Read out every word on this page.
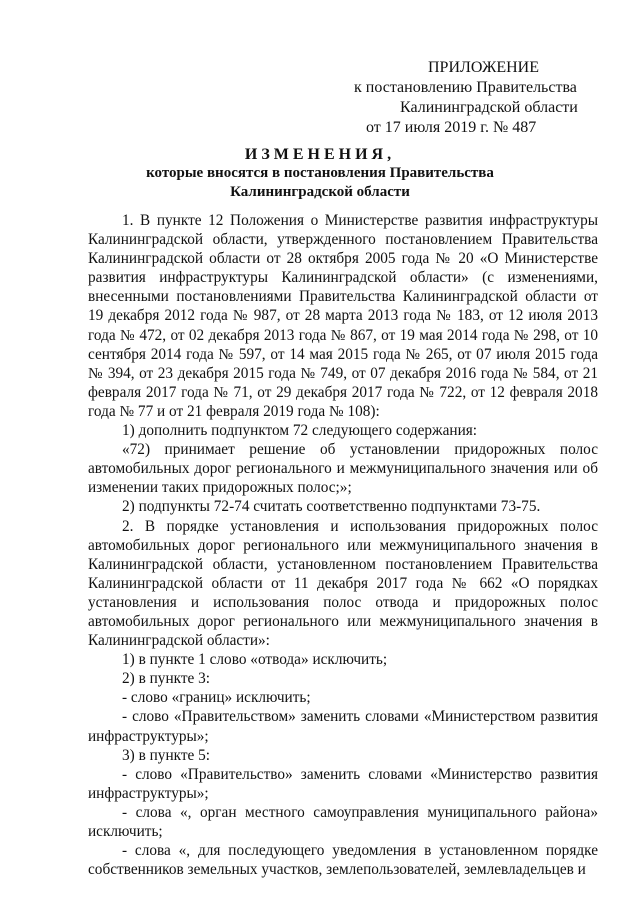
ПРИЛОЖЕНИЕ
к постановлению Правительства
Калининградской области
от 17 июля 2019 г. № 487
ИЗМЕНЕНИЯ,
которые вносятся в постановления Правительства
Калининградской области

1. В пункте 12 Положения о Министерстве развития инфраструктуры Калининградской области, утвержденного постановлением Правительства Калининградской области от 28 октября 2005 года № 20 «О Министерстве развития инфраструктуры Калининградской области» (с изменениями, внесенными постановлениями Правительства Калининградской области от 19 декабря 2012 года № 987, от 28 марта 2013 года № 183, от 12 июля 2013 года № 472, от 02 декабря 2013 года № 867, от 19 мая 2014 года № 298, от 10 сентября 2014 года № 597, от 14 мая 2015 года № 265, от 07 июля 2015 года № 394, от 23 декабря 2015 года № 749, от 07 декабря 2016 года № 584, от 21 февраля 2017 года № 71, от 29 декабря 2017 года № 722, от 12 февраля 2018 года № 77 и от 21 февраля 2019 года № 108):

1) дополнить подпунктом 72 следующего содержания:

«72) принимает решение об установлении придорожных полос автомобильных дорог регионального и межмуниципального значения или об изменении таких придорожных полос;»;

2) подпункты 72-74 считать соответственно подпунктами 73-75.

2. В порядке установления и использования придорожных полос автомобильных дорог регионального или межмуниципального значения в Калининградской области, установленном постановлением Правительства Калининградской области от 11 декабря 2017 года № 662 «О порядках установления и использования полос отвода и придорожных полос автомобильных дорог регионального или межмуниципального значения в Калининградской области»:

1) в пункте 1 слово «отвода» исключить;

2) в пункте 3:

- слово «границ» исключить;

- слово «Правительством» заменить словами «Министерством развития инфраструктуры»;

3) в пункте 5:

- слово «Правительство» заменить словами «Министерство развития инфраструктуры»;

- слова «, орган местного самоуправления муниципального района» исключить;

- слова «, для последующего уведомления в установленном порядке собственников земельных участков, землепользователей, землевладельцев и
